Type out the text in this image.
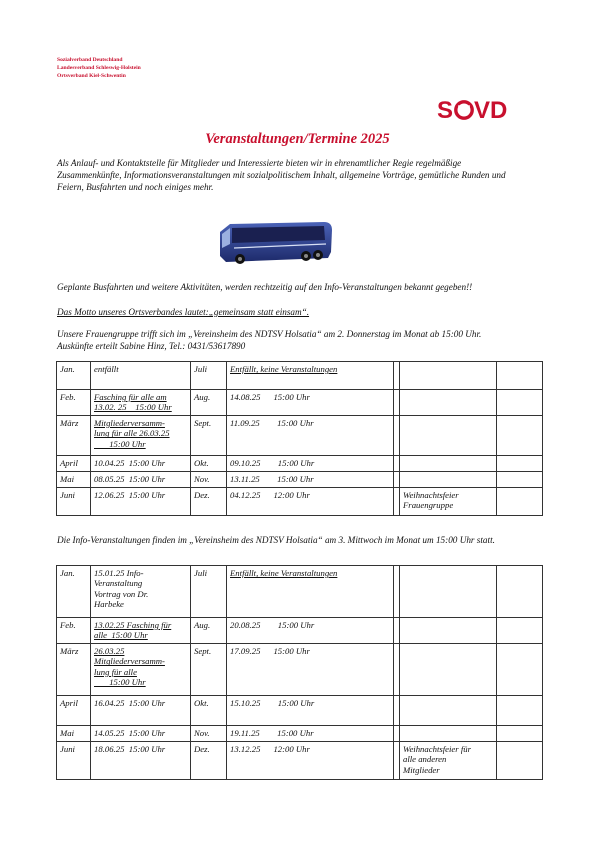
Sozialverband Deutschland
Landesverband Schleswig-Holstein
Ortsverband Kiel-Schwentin
S VD
Veranstaltungen/Termine 2025
Als Anlauf- und Kontaktstelle für Mitglieder und Interessierte bieten wir in ehrenamtlicher Regie regelmäßige Zusammenkünfte, Informationsveranstaltungen mit sozialpolitischem Inhalt, allgemeine Vorträge, gemütliche Runden und Feiern, Busfahrten und noch einiges mehr.
Geplante Busfahrten und weitere Aktivitäten, werden rechtzeitig auf den Info-Veranstaltungen bekannt gegeben!!
Das Motto unseres Ortsverbandes lautet:„gemeinsam statt einsam“.
Unsere Frauengruppe trifft sich im „Vereinsheim des NDTSV Holsatia“ am 2. Donnerstag im Monat ab 15:00 Uhr.
Auskünfte erteilt Sabine Hinz, Tel.: 0431/53617890
Jan.	entfällt	Juli	Entfällt, keine Veranstaltungen			

Feb.	Fasching für alle am
13.02. 25    15:00 Uhr	Aug.	14.08.25      15:00 Uhr			

März	Mitgliederversamm-
lung für alle 26.03.25
15:00 Uhr	Sept.	11.09.25        15:00 Uhr			

April	10.04.25  15:00 Uhr	Okt.	09.10.25        15:00 Uhr			

Mai	08.05.25  15:00 Uhr	Nov.	13.11.25        15:00 Uhr			

Juni	12.06.25  15:00 Uhr	Dez.	04.12.25      12:00 Uhr		Weihnachtsfeier
Frauengruppe	

Die Info-Veranstaltungen finden im „Vereinsheim des NDTSV Holsatia“ am 3. Mittwoch im Monat um 15:00 Uhr statt.
Jan.	15.01.25 Info-
Veranstaltung
Vortrag von Dr.
Harbeke	Juli	Entfällt, keine Veranstaltungen			

Feb.	13.02.25 Fasching für
alle  15:00 Uhr	Aug.	20.08.25        15:00 Uhr			

März	26.03.25
Mitgliederversamm-
lung für alle
15:00 Uhr	Sept.	17.09.25      15:00 Uhr			

April	16.04.25  15:00 Uhr	Okt.	15.10.25        15:00 Uhr			

Mai	14.05.25  15:00 Uhr	Nov.	19.11.25        15:00 Uhr			

Juni	18.06.25  15:00 Uhr	Dez.	13.12.25      12:00 Uhr		Weihnachtsfeier für
alle anderen
Mitglieder	
